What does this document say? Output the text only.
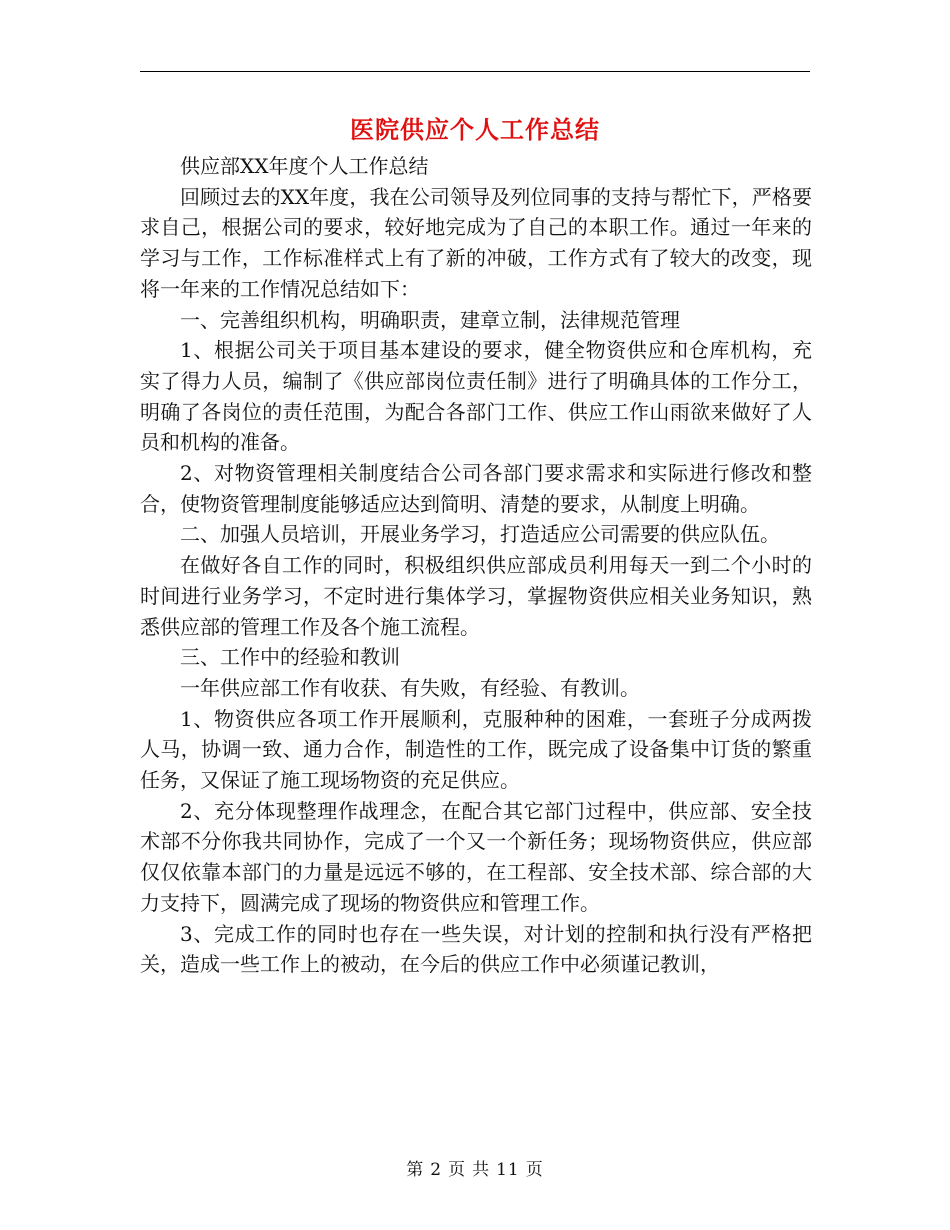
医院供应个人工作总结

供应部XX年度个人工作总结

回顾过去的XX年度，我在公司领导及列位同事的支持与帮忙下，严格要求自己，根据公司的要求，较好地完成为了自己的本职工作。通过一年来的学习与工作，工作标准样式上有了新的冲破，工作方式有了较大的改变，现将一年来的工作情况总结如下：

一、完善组织机构，明确职责，建章立制，法律规范管理

1、根据公司关于项目基本建设的要求，健全物资供应和仓库机构，充实了得力人员，编制了《供应部岗位责任制》进行了明确具体的工作分工，明确了各岗位的责任范围，为配合各部门工作、供应工作山雨欲来做好了人员和机构的准备。

2、对物资管理相关制度结合公司各部门要求需求和实际进行修改和整合，使物资管理制度能够适应达到简明、清楚的要求，从制度上明确。

二、加强人员培训，开展业务学习，打造适应公司需要的供应队伍。

在做好各自工作的同时，积极组织供应部成员利用每天一到二个小时的时间进行业务学习，不定时进行集体学习，掌握物资供应相关业务知识，熟悉供应部的管理工作及各个施工流程。

三、工作中的经验和教训

一年供应部工作有收获、有失败，有经验、有教训。

1、物资供应各项工作开展顺利，克服种种的困难，一套班子分成两拨人马，协调一致、通力合作，制造性的工作，既完成了设备集中订货的繁重任务，又保证了施工现场物资的充足供应。

2、充分体现整理作战理念，在配合其它部门过程中，供应部、安全技术部不分你我共同协作，完成了一个又一个新任务；现场物资供应，供应部仅仅依靠本部门的力量是远远不够的，在工程部、安全技术部、综合部的大力支持下，圆满完成了现场的物资供应和管理工作。

3、完成工作的同时也存在一些失误，对计划的控制和执行没有严格把关，造成一些工作上的被动，在今后的供应工作中必须谨记教训，

第 2 页 共 11 页
